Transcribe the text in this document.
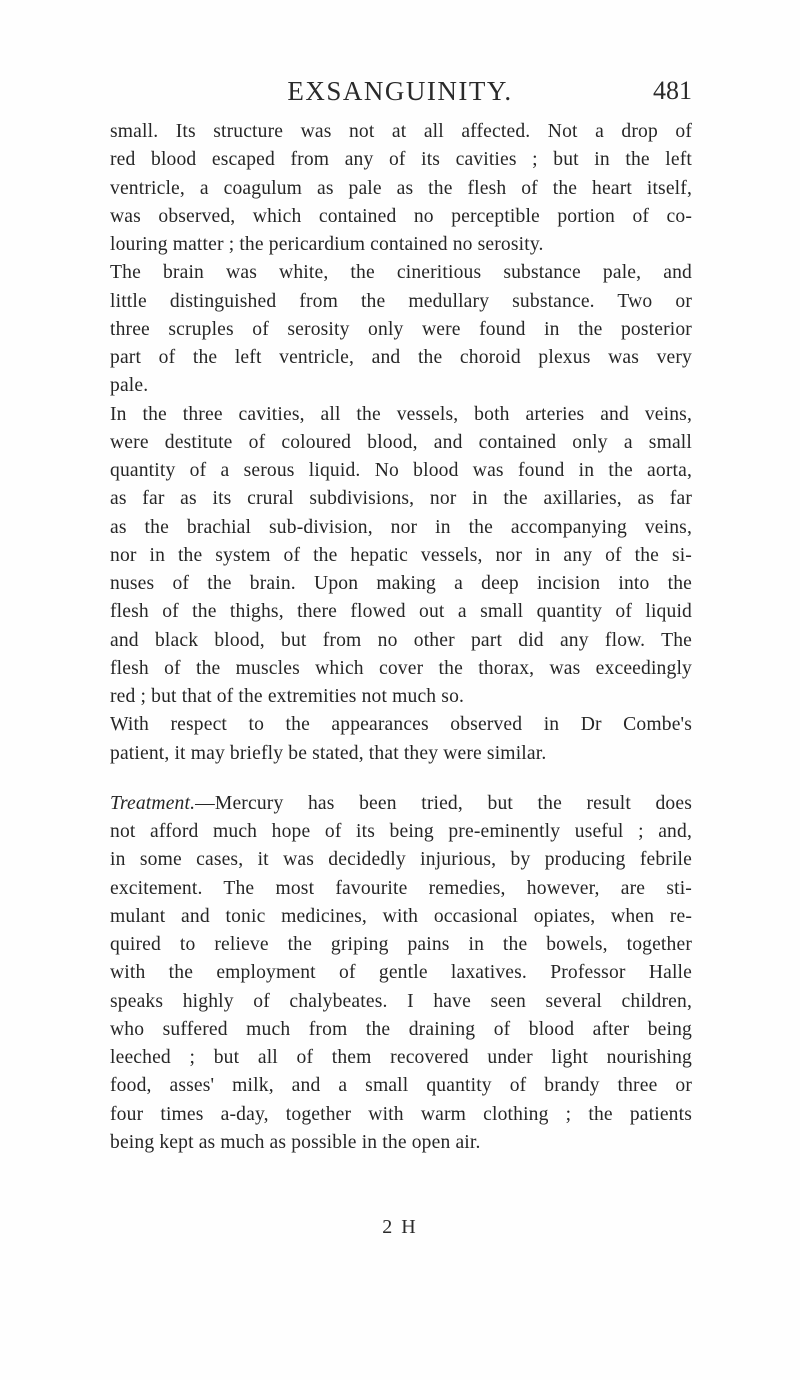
EXSANGUINITY.	481
small. Its structure was not at all affected. Not a drop of
red blood escaped from any of its cavities ; but in the left
ventricle, a coagulum as pale as the flesh of the heart itself,
was observed, which contained no perceptible portion of co-
louring matter ; the pericardium contained no serosity.
The brain was white, the cineritious substance pale, and
little distinguished from the medullary substance. Two or
three scruples of serosity only were found in the posterior
part of the left ventricle, and the choroid plexus was very
pale.
In the three cavities, all the vessels, both arteries and veins,
were destitute of coloured blood, and contained only a small
quantity of a serous liquid. No blood was found in the aorta,
as far as its crural subdivisions, nor in the axillaries, as far
as the brachial sub-division, nor in the accompanying veins,
nor in the system of the hepatic vessels, nor in any of the si-
nuses of the brain. Upon making a deep incision into the
flesh of the thighs, there flowed out a small quantity of liquid
and black blood, but from no other part did any flow. The
flesh of the muscles which cover the thorax, was exceedingly
red ; but that of the extremities not much so.
With respect to the appearances observed in Dr Combe's
patient, it may briefly be stated, that they were similar.
Treatment.—Mercury has been tried, but the result does
not afford much hope of its being pre-eminently useful ; and,
in some cases, it was decidedly injurious, by producing febrile
excitement. The most favourite remedies, however, are sti-
mulant and tonic medicines, with occasional opiates, when re-
quired to relieve the griping pains in the bowels, together
with the employment of gentle laxatives. Professor Halle
speaks highly of chalybeates. I have seen several children,
who suffered much from the draining of blood after being
leeched ; but all of them recovered under light nourishing
food, asses' milk, and a small quantity of brandy three or
four times a-day, together with warm clothing ; the patients
being kept as much as possible in the open air.
2 H
